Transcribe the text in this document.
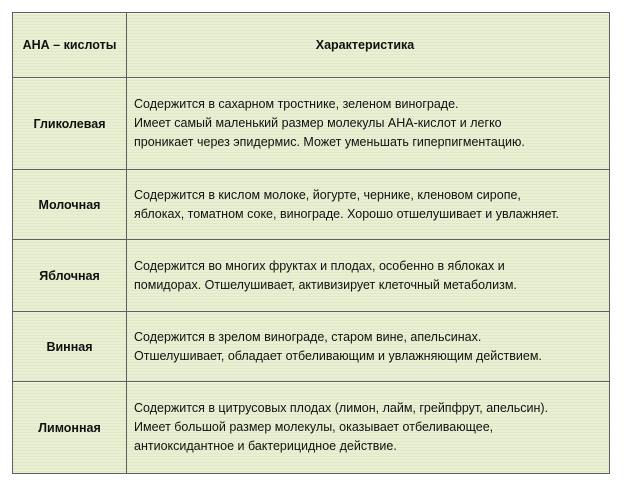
АНА – кислоты	Характеристика
Гликолевая	Содержится в сахарном тростнике, зеленом винограде.
Имеет самый маленький размер молекулы АНА-кислот и легко
проникает через эпидермис. Может уменьшать гиперпигментацию.

Молочная	Содержится в кислом молоке, йогурте, чернике, кленовом сиропе,
яблоках, томатном соке, винограде. Хорошо отшелушивает и увлажняет.

Яблочная	Содержится во многих фруктах и плодах, особенно в яблоках и
помидорах. Отшелушивает, активизирует клеточный метаболизм.

Винная	Содержится в зрелом винограде, старом вине, апельсинах.
Отшелушивает, обладает отбеливающим и увлажняющим действием.

Лимонная	Содержится в цитрусовых плодах (лимон, лайм, грейпфрут, апельсин).
Имеет большой размер молекулы, оказывает отбеливающее,
антиоксидантное и бактерицидное действие.
